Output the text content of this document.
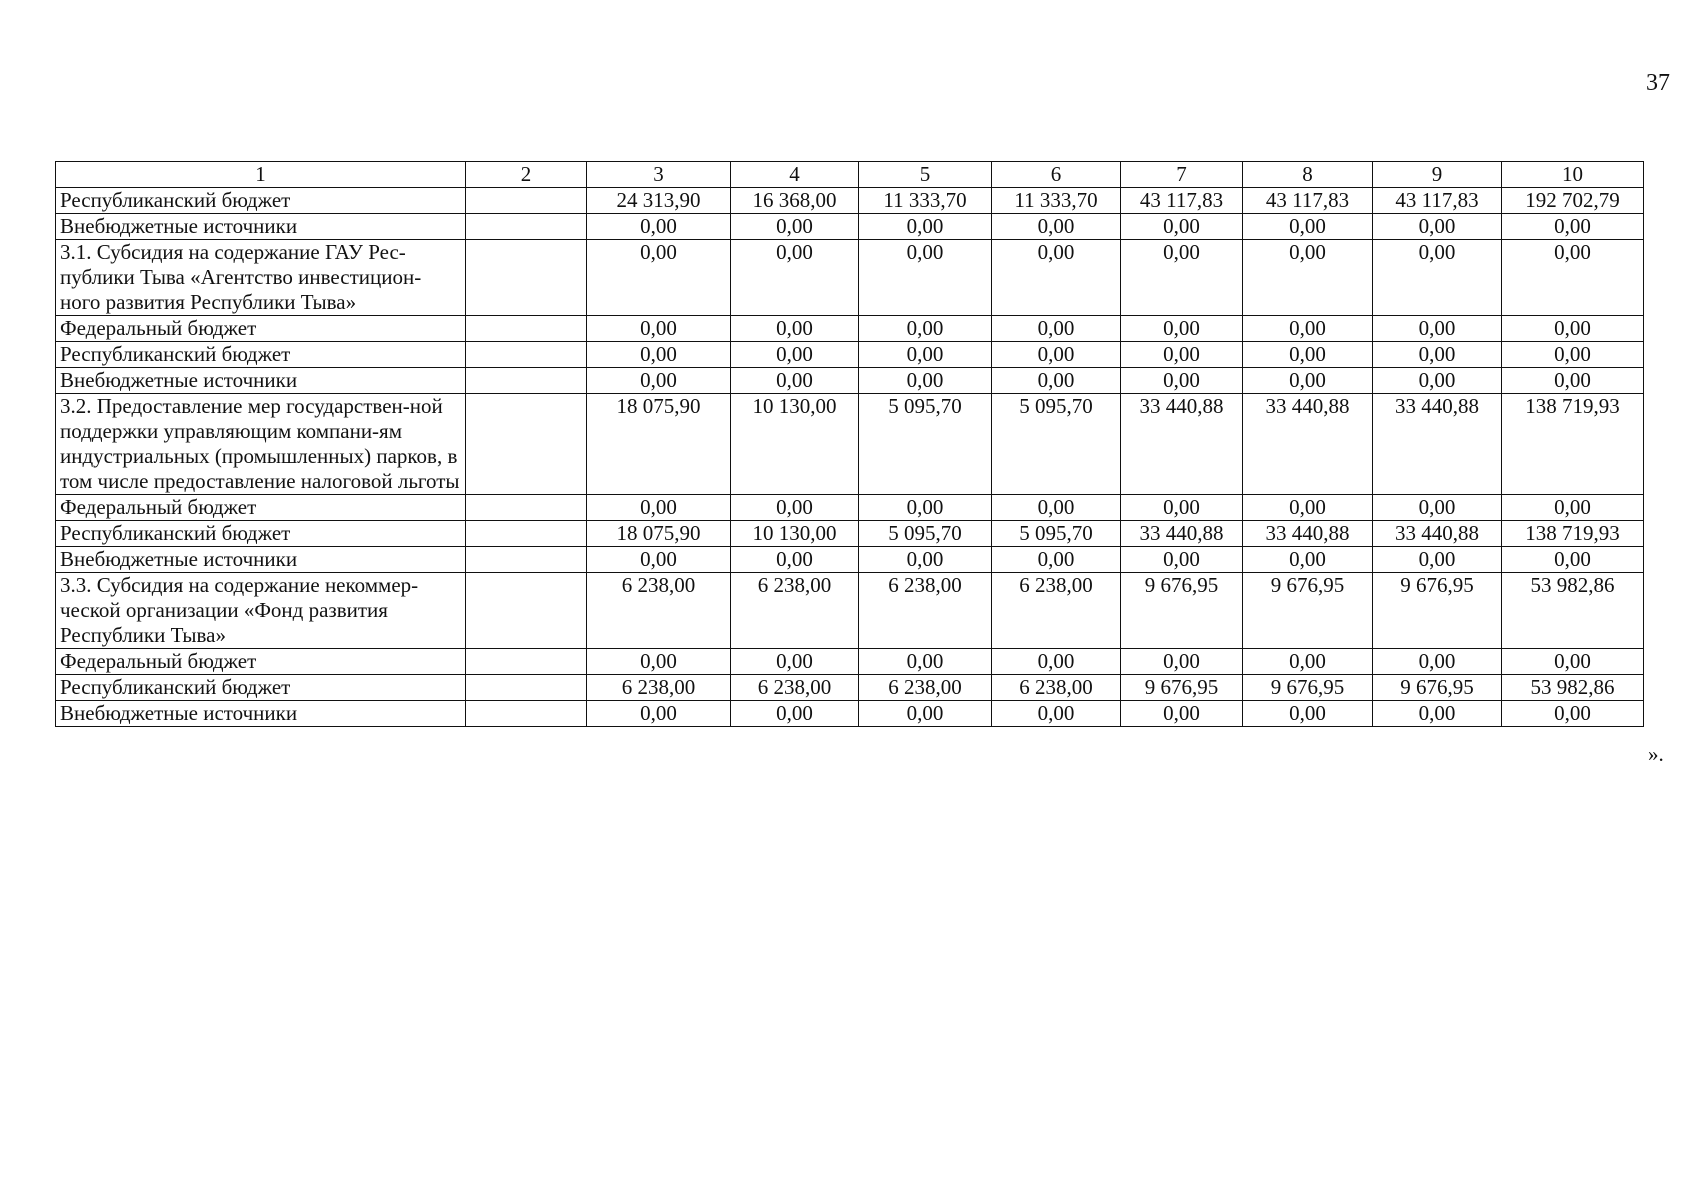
37
1	2	3	4	5	6	7	8	9	10
Республиканский бюджет		24 313,90	16 368,00	11 333,70	11 333,70	43 117,83	43 117,83	43 117,83	192 702,79
Внебюджетные источники		0,00	0,00	0,00	0,00	0,00	0,00	0,00	0,00
3.1. Субсидия на содержание ГАУ Рес-публики Тыва «Агентство инвестицион-ного развития Республики Тыва»		0,00	0,00	0,00	0,00	0,00	0,00	0,00	0,00
Федеральный бюджет		0,00	0,00	0,00	0,00	0,00	0,00	0,00	0,00
Республиканский бюджет		0,00	0,00	0,00	0,00	0,00	0,00	0,00	0,00
Внебюджетные источники		0,00	0,00	0,00	0,00	0,00	0,00	0,00	0,00
3.2. Предоставление мер государствен-ной поддержки управляющим компани-ям индустриальных (промышленных) парков, в том числе предоставление налоговой льготы		18 075,90	10 130,00	5 095,70	5 095,70	33 440,88	33 440,88	33 440,88	138 719,93
Федеральный бюджет		0,00	0,00	0,00	0,00	0,00	0,00	0,00	0,00
Республиканский бюджет		18 075,90	10 130,00	5 095,70	5 095,70	33 440,88	33 440,88	33 440,88	138 719,93
Внебюджетные источники		0,00	0,00	0,00	0,00	0,00	0,00	0,00	0,00
3.3. Субсидия на содержание некоммер-ческой организации «Фонд развития Республики Тыва»		6 238,00	6 238,00	6 238,00	6 238,00	9 676,95	9 676,95	9 676,95	53 982,86
Федеральный бюджет		0,00	0,00	0,00	0,00	0,00	0,00	0,00	0,00
Республиканский бюджет		6 238,00	6 238,00	6 238,00	6 238,00	9 676,95	9 676,95	9 676,95	53 982,86
Внебюджетные источники		0,00	0,00	0,00	0,00	0,00	0,00	0,00	0,00
».
